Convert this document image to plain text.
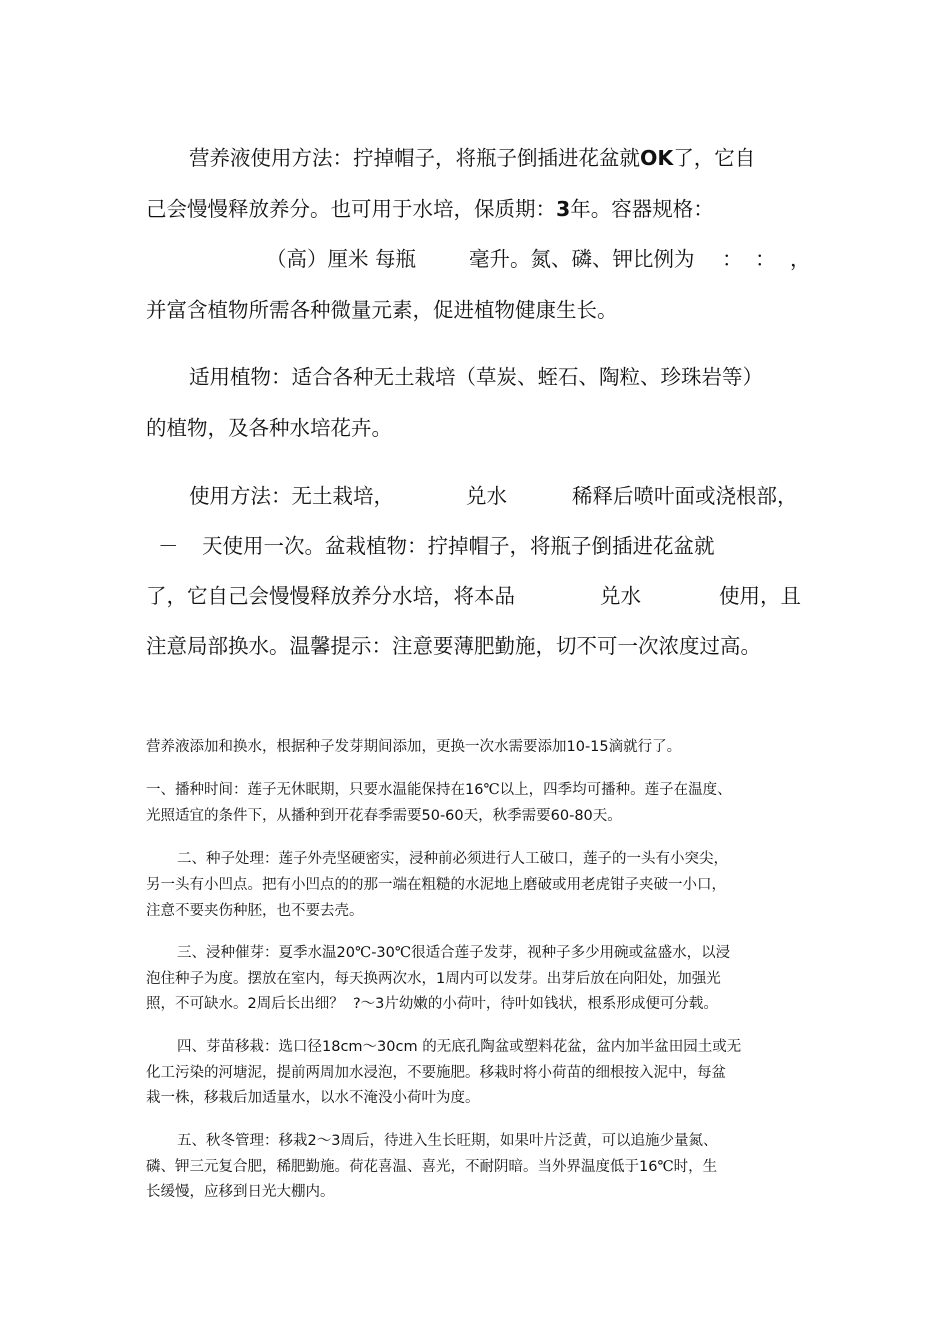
营养液使用方法：拧掉帽子，将瓶子倒插进花盆就OK了，它自
己会慢慢释放养分。也可用于水培，保质期：3年。容器规格：
（高）厘米 每瓶	毫升。氮、磷、钾比例为 ： ： ，
并富含植物所需各种微量元素，促进植物健康生长。
适用植物：适合各种无土栽培（草炭、蛭石、陶粒、珍珠岩等）
的植物，及各种水培花卉。
使用方法：无土栽培，	兑水	稀释后喷叶面或浇根部，
－ 天使用一次。盆栽植物：拧掉帽子，将瓶子倒插进花盆就
了，它自己会慢慢释放养分水培，将本品	兑水	使用，且
注意局部换水。温馨提示：注意要薄肥勤施，切不可一次浓度过高。
营养液添加和换水，根据种子发芽期间添加，更换一次水需要添加10-15滴就行了。
一、播种时间：莲子无休眠期，只要水温能保持在16℃以上，四季均可播种。莲子在温度、
光照适宜的条件下，从播种到开花春季需要50-60天，秋季需要60-80天。
二、种子处理：莲子外壳坚硬密实，浸种前必须进行人工破口，莲子的一头有小突尖，
另一头有小凹点。把有小凹点的的那一端在粗糙的水泥地上磨破或用老虎钳子夹破一小口，
注意不要夹伤种胚，也不要去壳。
三、浸种催芽：夏季水温20℃-30℃很适合莲子发芽，视种子多少用碗或盆盛水，以浸
泡住种子为度。摆放在室内，每天换两次水，1周内可以发芽。出芽后放在向阳处，加强光
照，不可缺水。2周后长出细？ ?～3片幼嫩的小荷叶，待叶如钱状，根系形成便可分载。
四、芽苗移栽：选口径18cm～30cm 的无底孔陶盆或塑料花盆，盆内加半盆田园土或无
化工污染的河塘泥，提前两周加水浸泡，不要施肥。移栽时将小荷苗的细根按入泥中，每盆
栽一株，移栽后加适量水，以水不淹没小荷叶为度。
五、秋冬管理：移栽2～3周后，待进入生长旺期，如果叶片泛黄，可以追施少量氮、
磷、钾三元复合肥，稀肥勤施。荷花喜温、喜光，不耐阴暗。当外界温度低于16℃时，生
长缓慢，应移到日光大棚内。
